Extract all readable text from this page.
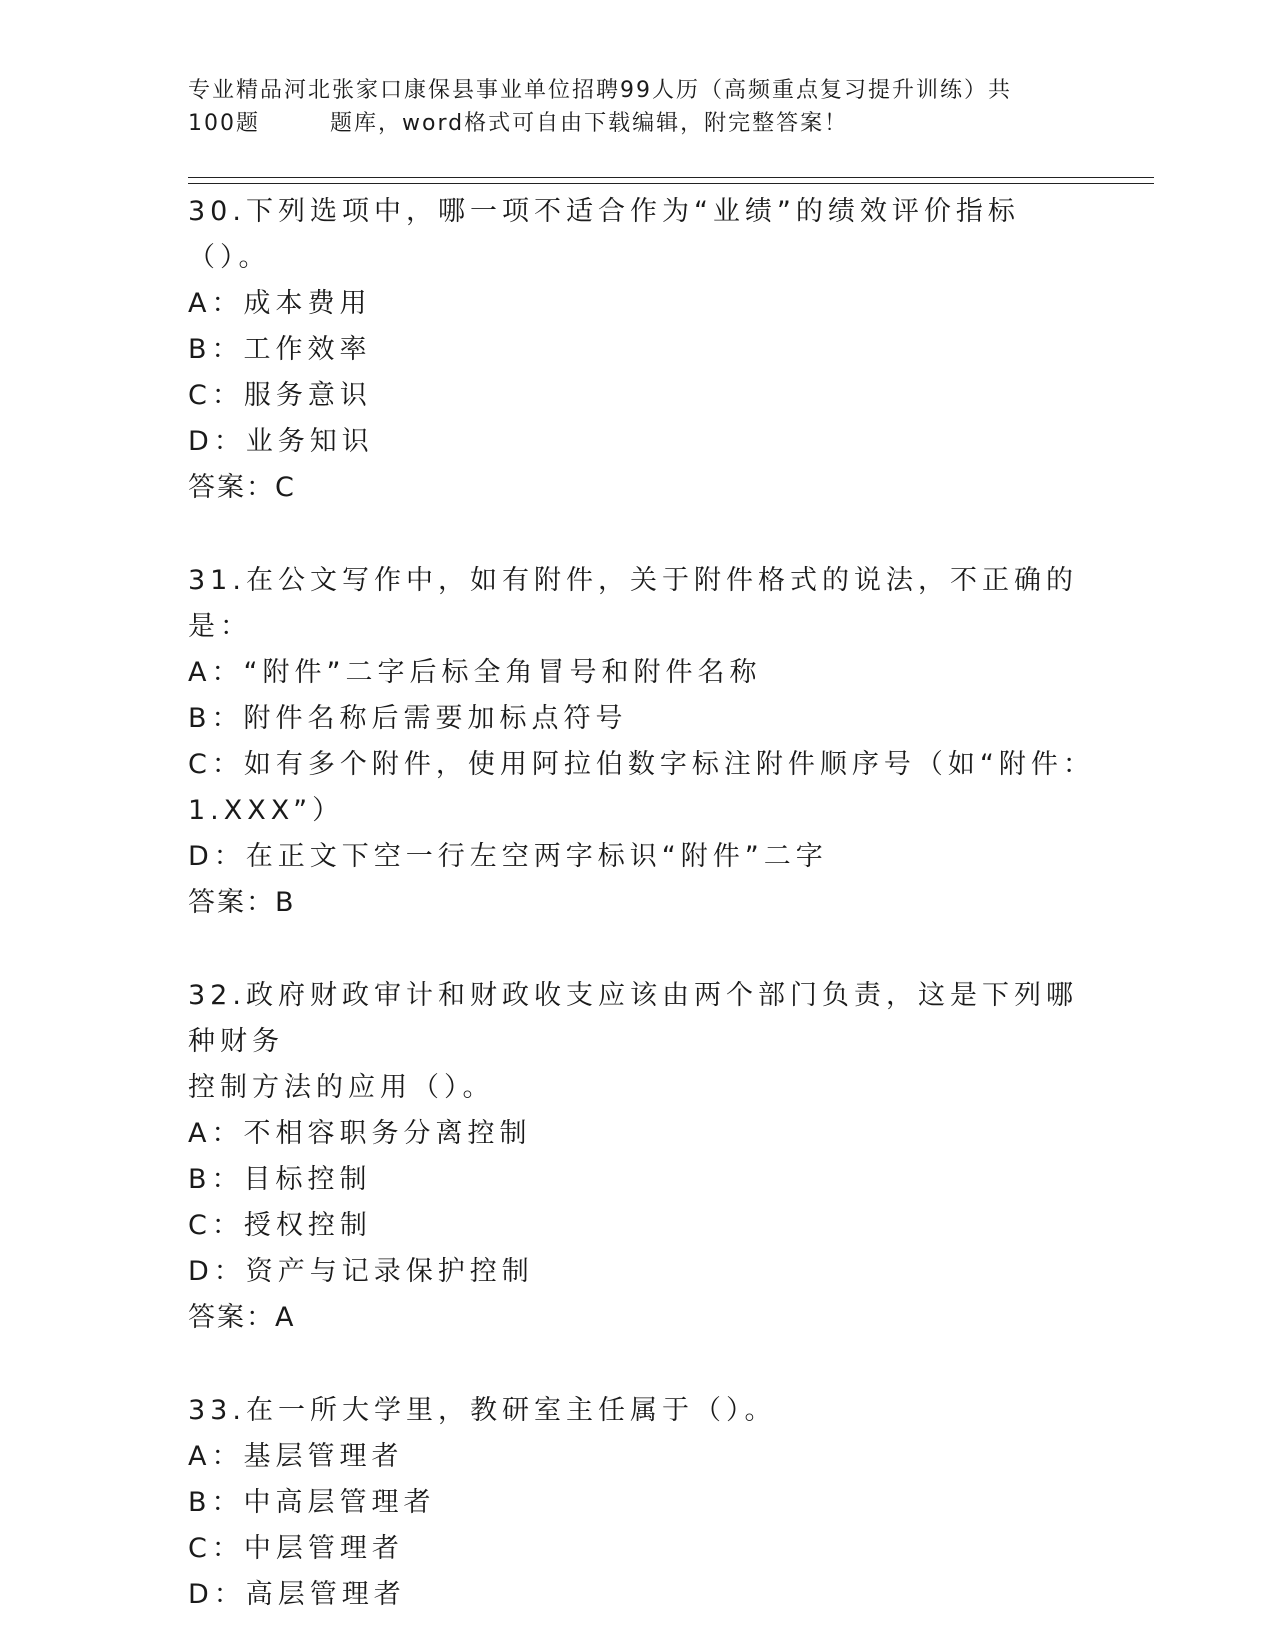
专业精品河北张家口康保县事业单位招聘99人历（高频重点复习提升训练）共
100题	题库，word格式可自由下载编辑，附完整答案！
30.下列选项中，哪一项不适合作为“业绩”的绩效评价指标（）。
A：成本费用
B：工作效率
C：服务意识
D：业务知识
答案：C
31.在公文写作中，如有附件，关于附件格式的说法，不正确的是：
A：“附件”二字后标全角冒号和附件名称
B：附件名称后需要加标点符号
C：如有多个附件，使用阿拉伯数字标注附件顺序号（如“附件：
1.XXX”）
D：在正文下空一行左空两字标识“附件”二字
答案：B
32.政府财政审计和财政收支应该由两个部门负责，这是下列哪种财务
控制方法的应用（）。
A：不相容职务分离控制
B：目标控制
C：授权控制
D：资产与记录保护控制
答案：A
33.在一所大学里，教研室主任属于（）。
A：基层管理者
B：中高层管理者
C：中层管理者
D：高层管理者
